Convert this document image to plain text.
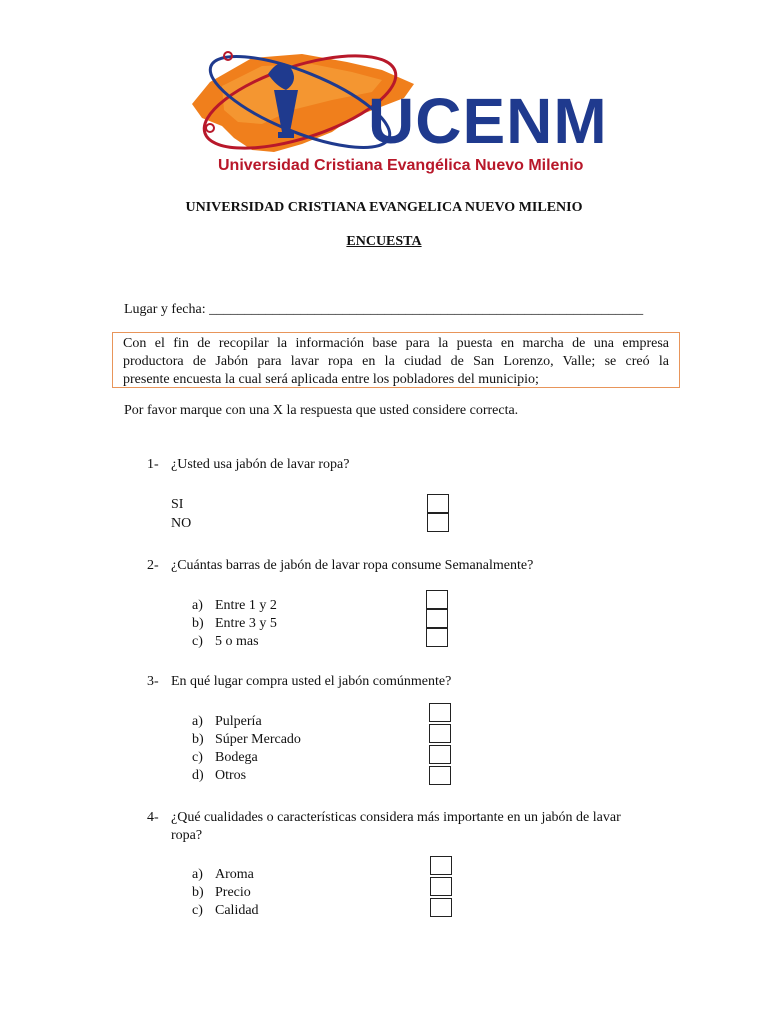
UCENM
Universidad Cristiana Evangélica Nuevo Milenio
UNIVERSIDAD CRISTIANA EVANGELICA NUEVO MILENIO
ENCUESTA
Lugar y fecha: ______________________________________________________________
Con el fin de recopilar la información base para la puesta en marcha de una empresa
productora de Jabón para lavar ropa en la ciudad de San Lorenzo, Valle; se creó la
presente encuesta la cual será aplicada entre los pobladores del municipio;
Por favor marque con una X la respuesta que usted considere correcta.
1- ¿Usted usa jabón de lavar ropa?
SI
NO
2- ¿Cuántas barras de jabón de lavar ropa consume Semanalmente?
a) Entre 1 y 2
b) Entre 3 y 5
c) 5 o mas
3- En qué lugar compra usted el jabón comúnmente?
a) Pulpería
b) Súper Mercado
c) Bodega
d) Otros
4- ¿Qué cualidades o características considera más importante en un jabón de lavar
ropa?
a) Aroma
b) Precio
c) Calidad
